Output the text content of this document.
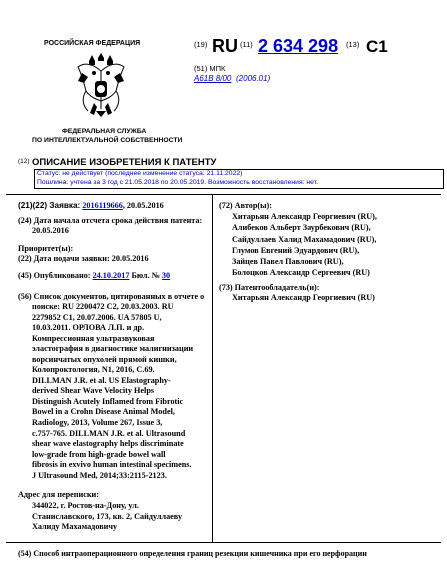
РОССИЙСКАЯ ФЕДЕРАЦИЯ
ФЕДЕРАЛЬНАЯ СЛУЖБА
ПО ИНТЕЛЛЕКТУАЛЬНОЙ СОБСТВЕННОСТИ
(19) RU (11) 2 634 298 (13) C1
(51) МПК
A61B 8/00 (2006.01)
(12) ОПИСАНИЕ ИЗОБРЕТЕНИЯ К ПАТЕНТУ
Статус: не действует (последнее изменение статуса: 21.11.2022)
Пошлина: учтена за 3 год с 21.05.2018 по 20.05.2019. Возможность восстановления: нет.
(21)(22) Заявка: 2016119666, 20.05.2016
(24) Дата начала отсчета срока действия патента:
20.05.2016
Приоритет(ы):
(22) Дата подачи заявки: 20.05.2016
(45) Опубликовано: 24.10.2017 Бюл. № 30
(56) Список документов, цитированных в отчете о
поиске: RU 2200472 C2, 20.03.2003. RU
2279852 C1, 20.07.2006. UA 57805 U,
10.03.2011. ОРЛОВА Л.П. и др.
Компрессионная ультразвуковая
эластография в диагностике малигнизации
ворсинчатых опухолей прямой кишки,
Колопроктология, N1, 2016, C.69.
DILLMAN J.R. et al. US Elastography-
derived Shear Wave Velocity Helps
Distinguish Acutely Inflamed from Fibrotic
Bowel in a Crohn Disease Animal Model,
Radiology, 2013, Volume 267, Issue 3,
c.757-765. DILLMAN J.R. et al. Ultrasound
shear wave elastography helps discriminate
low-grade from high-grade bowel wall
fibrosis in exvivo human intestinal specimens.
J Ultrasound Med, 2014;33:2115-2123.
Адрес для переписки:
344022, г. Ростов-на-Дону, ул.
Станиславского, 173, кв. 2, Сайдуллаеву
Халиду Махамадовичу
(72) Автор(ы):
Хитарьян Александр Георгиевич (RU),
Алибеков Альберт Заурбекович (RU),
Сайдуллаев Халид Махамадович (RU),
Глумов Евгений Эдуардович (RU),
Зайцев Павел Павлович (RU),
Болоцков Александр Сергеевич (RU)
(73) Патентообладатель(и):
Хитарьян Александр Георгиевич (RU)
(54) Способ интраоперационного определения границ резекции кишечника при его перфорации
